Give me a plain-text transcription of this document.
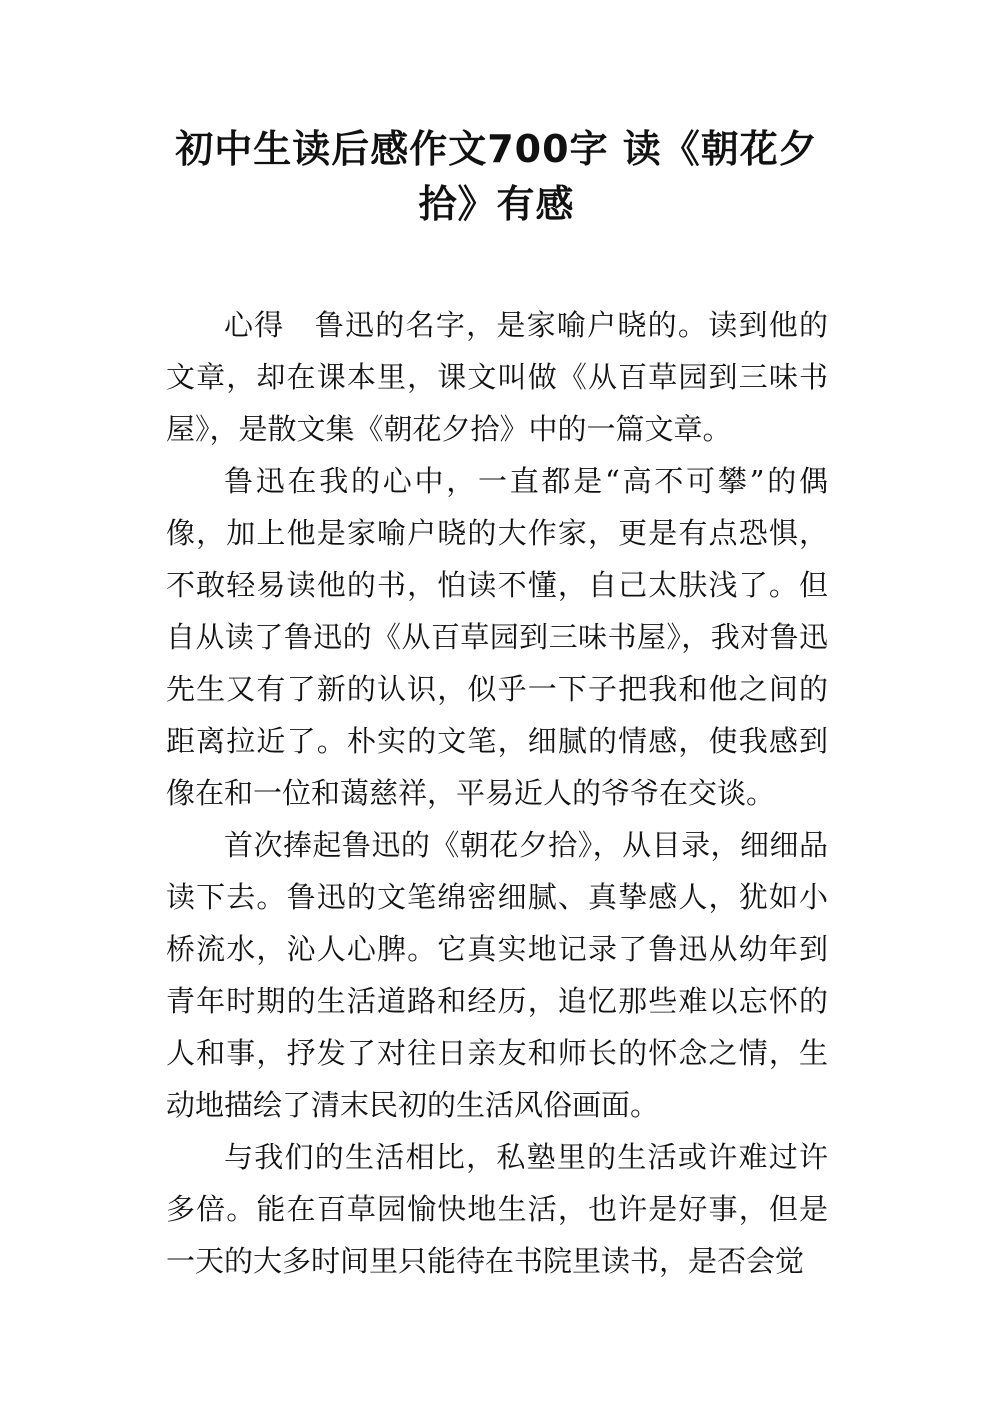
初中生读后感作文700字 读《朝花夕拾》有感

心得　鲁迅的名字，是家喻户晓的。读到他的文章，却在课本里，课文叫做《从百草园到三味书屋》，是散文集《朝花夕拾》中的一篇文章。

鲁迅在我的心中，一直都是“高不可攀”的偶像，加上他是家喻户晓的大作家，更是有点恐惧，不敢轻易读他的书，怕读不懂，自己太肤浅了。但自从读了鲁迅的《从百草园到三味书屋》，我对鲁迅先生又有了新的认识，似乎一下子把我和他之间的距离拉近了。朴实的文笔，细腻的情感，使我感到像在和一位和蔼慈祥，平易近人的爷爷在交谈。

首次捧起鲁迅的《朝花夕拾》，从目录，细细品读下去。鲁迅的文笔绵密细腻、真挚感人，犹如小桥流水，沁人心脾。它真实地记录了鲁迅从幼年到青年时期的生活道路和经历，追忆那些难以忘怀的人和事，抒发了对往日亲友和师长的怀念之情，生动地描绘了清末民初的生活风俗画面。

与我们的生活相比，私塾里的生活或许难过许多倍。能在百草园愉快地生活，也许是好事，但是一天的大多时间里只能待在书院里读书，是否会觉
